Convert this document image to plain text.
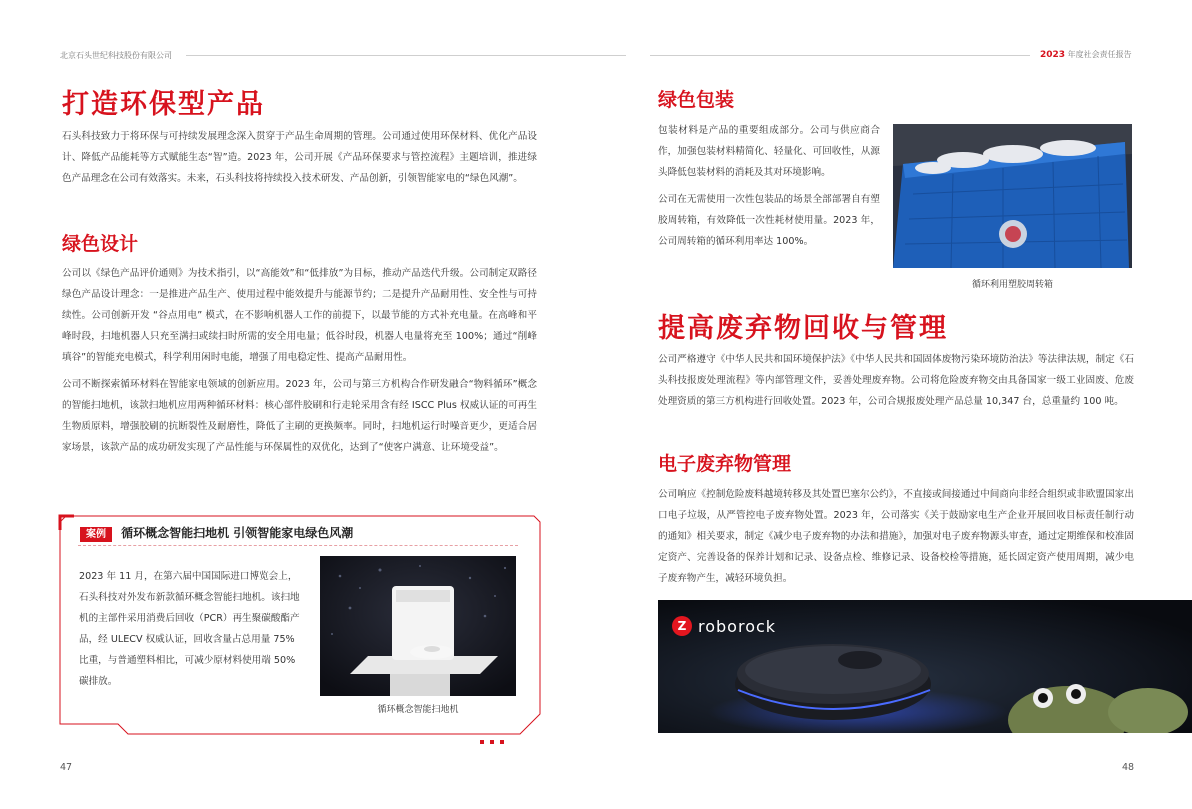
北京石头世纪科技股份有限公司	2023 年度社会责任报告
打造环保型产品
石头科技致力于将环保与可持续发展理念深入贯穿于产品生命周期的管理。公司通过使用环保材料、优化产品设计、降低产品能耗等方式赋能生态“智”造。2023 年，公司开展《产品环保要求与管控流程》主题培训，推进绿色产品理念在公司有效落实。未来，石头科技将持续投入技术研发、产品创新，引领智能家电的“绿色风潮”。
绿色设计
公司以《绿色产品评价通则》为技术指引，以“高能效”和“低排放”为目标，推动产品迭代升级。公司制定双路径绿色产品设计理念：一是推进产品生产、使用过程中能效提升与能源节约；二是提升产品耐用性、安全性与可持续性。公司创新开发 “谷点用电” 模式，在不影响机器人工作的前提下，以最节能的方式补充电量。在高峰和平峰时段，扫地机器人只充至满扫或续扫时所需的安全用电量；低谷时段，机器人电量将充至 100%；通过“削峰填谷”的智能充电模式，科学利用闲时电能，增强了用电稳定性、提高产品耐用性。
公司不断探索循环材料在智能家电领域的创新应用。2023 年，公司与第三方机构合作研发融合“物料循环”概念的智能扫地机，该款扫地机应用两种循环材料：核心部件胶刷和行走轮采用含有经 ISCC Plus 权威认证的可再生生物质原料，增强胶刷的抗断裂性及耐磨性，降低了主刷的更换频率。同时，扫地机运行时噪音更少，更适合居家场景，该款产品的成功研发实现了产品性能与环保属性的双优化，达到了“使客户满意、让环境受益”。
案例 循环概念智能扫地机 引领智能家电绿色风潮
2023 年 11 月，在第六届中国国际进口博览会上，石头科技对外发布新款循环概念智能扫地机。该扫地机的主部件采用消费后回收（PCR）再生聚碳酸酯产品，经 ULECV 权威认证，回收含量占总用量 75% 比重，与普通塑料相比，可减少原材料使用端 50% 碳排放。
循环概念智能扫地机
47
绿色包装
包装材料是产品的重要组成部分。公司与供应商合作，加强包装材料精简化、轻量化、可回收性，从源头降低包装材料的消耗及其对环境影响。
公司在无需使用一次性包装品的场景全部部署自有塑胶周转箱，有效降低一次性耗材使用量。2023 年，公司周转箱的循环利用率达 100%。
循环利用塑胶周转箱
提高废弃物回收与管理
公司严格遵守《中华人民共和国环境保护法》《中华人民共和国固体废物污染环境防治法》等法律法规，制定《石头科技报废处理流程》等内部管理文件，妥善处理废弃物。公司将危险废弃物交由具备国家一级工业固废、危废处理资质的第三方机构进行回收处置。2023 年，公司合规报废处理产品总量 10,347 台，总重量约 100 吨。
电子废弃物管理
公司响应《控制危险废料越境转移及其处置巴塞尔公约》，不直接或间接通过中间商向非经合组织或非欧盟国家出口电子垃圾，从严管控电子废弃物处置。2023 年，公司落实《关于鼓励家电生产企业开展回收目标责任制行动的通知》相关要求，制定《减少电子废弃物的办法和措施》，加强对电子废弃物源头审查，通过定期维保和校准固定资产、完善设备的保养计划和记录、设备点检、维修记录、设备校检等措施，延长固定资产使用周期，减少电子废弃物产生，减轻环境负担。
Z roborock
48
